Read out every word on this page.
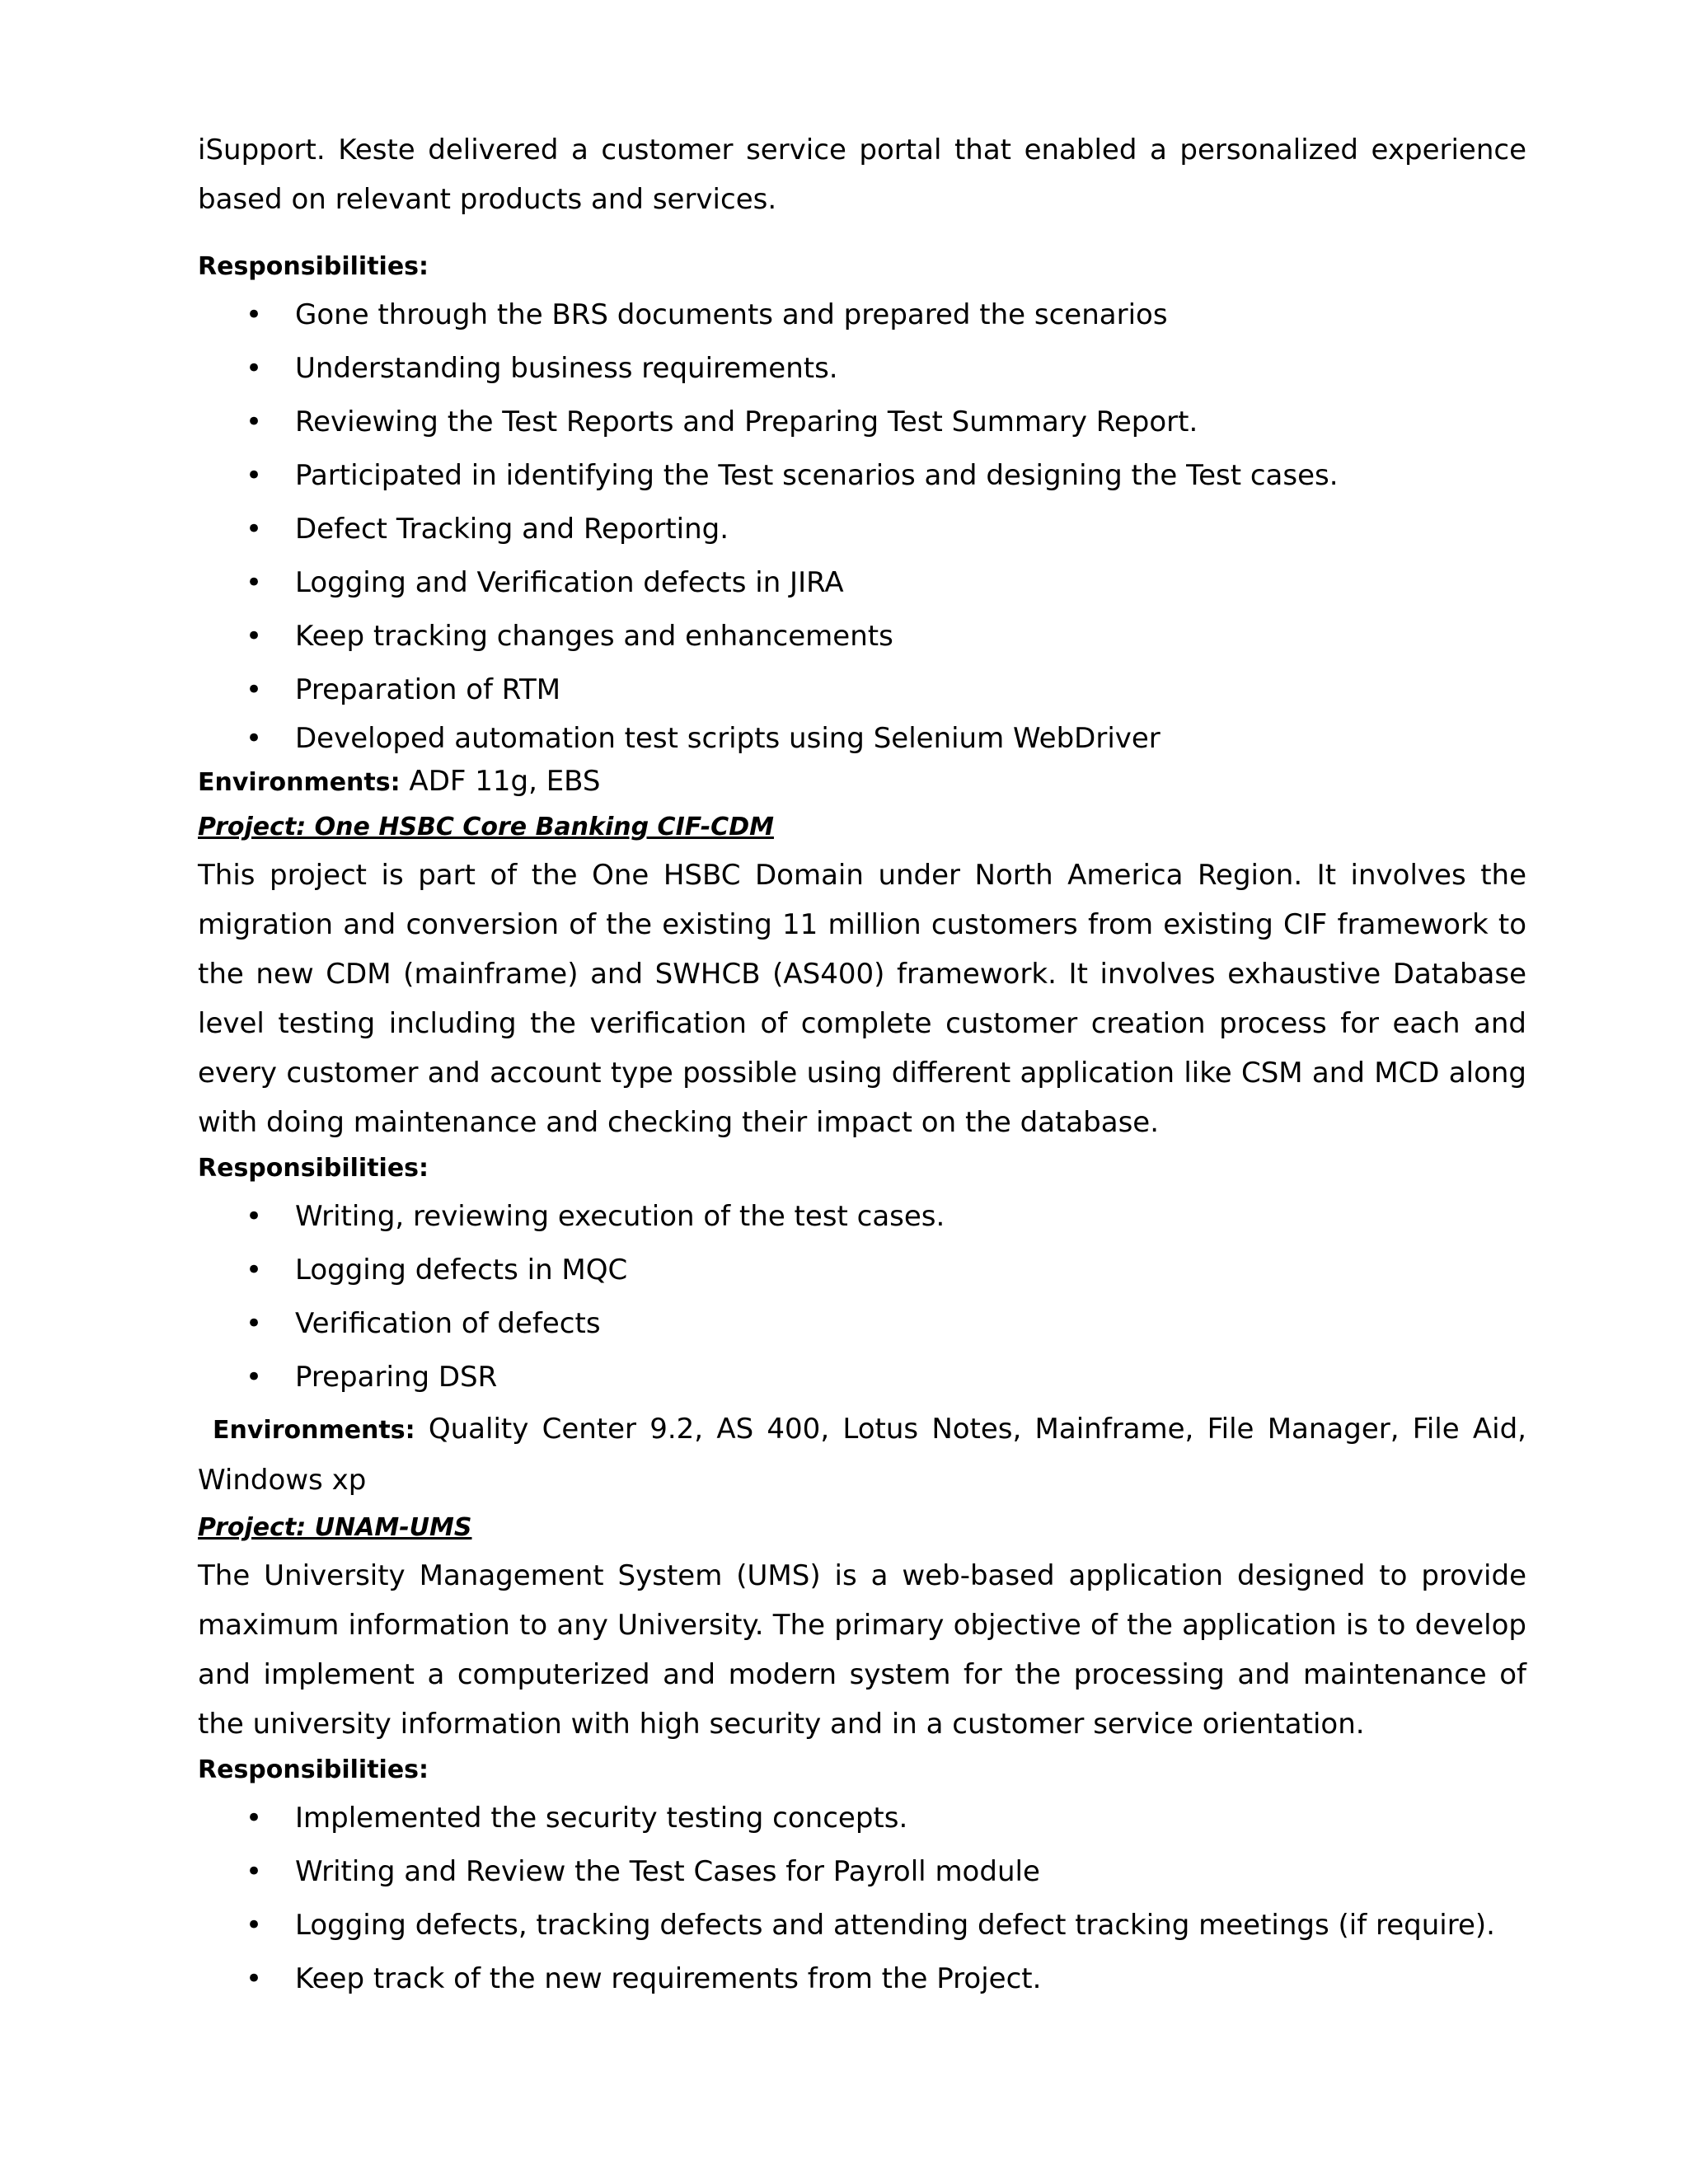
iSupport. Keste delivered a customer service portal that enabled a personalized experience based on relevant products and services.

Responsibilities:

• Gone through the BRS documents and prepared the scenarios
• Understanding business requirements.
• Reviewing the Test Reports and Preparing Test Summary Report.
• Participated in identifying the Test scenarios and designing the Test cases.
• Defect Tracking and Reporting.
• Logging and Verification defects in JIRA
• Keep tracking changes and enhancements
• Preparation of RTM
• Developed automation test scripts using Selenium WebDriver

Environments: ADF 11g, EBS

Project: One HSBC Core Banking CIF-CDM

This project is part of the One HSBC Domain under North America Region. It involves the migration and conversion of the existing 11 million customers from existing CIF framework to the new CDM (mainframe) and SWHCB (AS400) framework. It involves exhaustive Database level testing including the verification of complete customer creation process for each and every customer and account type possible using different application like CSM and MCD along with doing maintenance and checking their impact on the database.

Responsibilities:

• Writing, reviewing execution of the test cases.
• Logging defects in MQC
• Verification of defects
• Preparing DSR

Environments: Quality Center 9.2, AS 400, Lotus Notes, Mainframe, File Manager, File Aid, Windows xp

Project: UNAM-UMS

The University Management System (UMS) is a web-based application designed to provide maximum information to any University. The primary objective of the application is to develop and implement a computerized and modern system for the processing and maintenance of the university information with high security and in a customer service orientation.

Responsibilities:

• Implemented the security testing concepts.
• Writing and Review the Test Cases for Payroll module
• Logging defects, tracking defects and attending defect tracking meetings (if require).
• Keep track of the new requirements from the Project.
